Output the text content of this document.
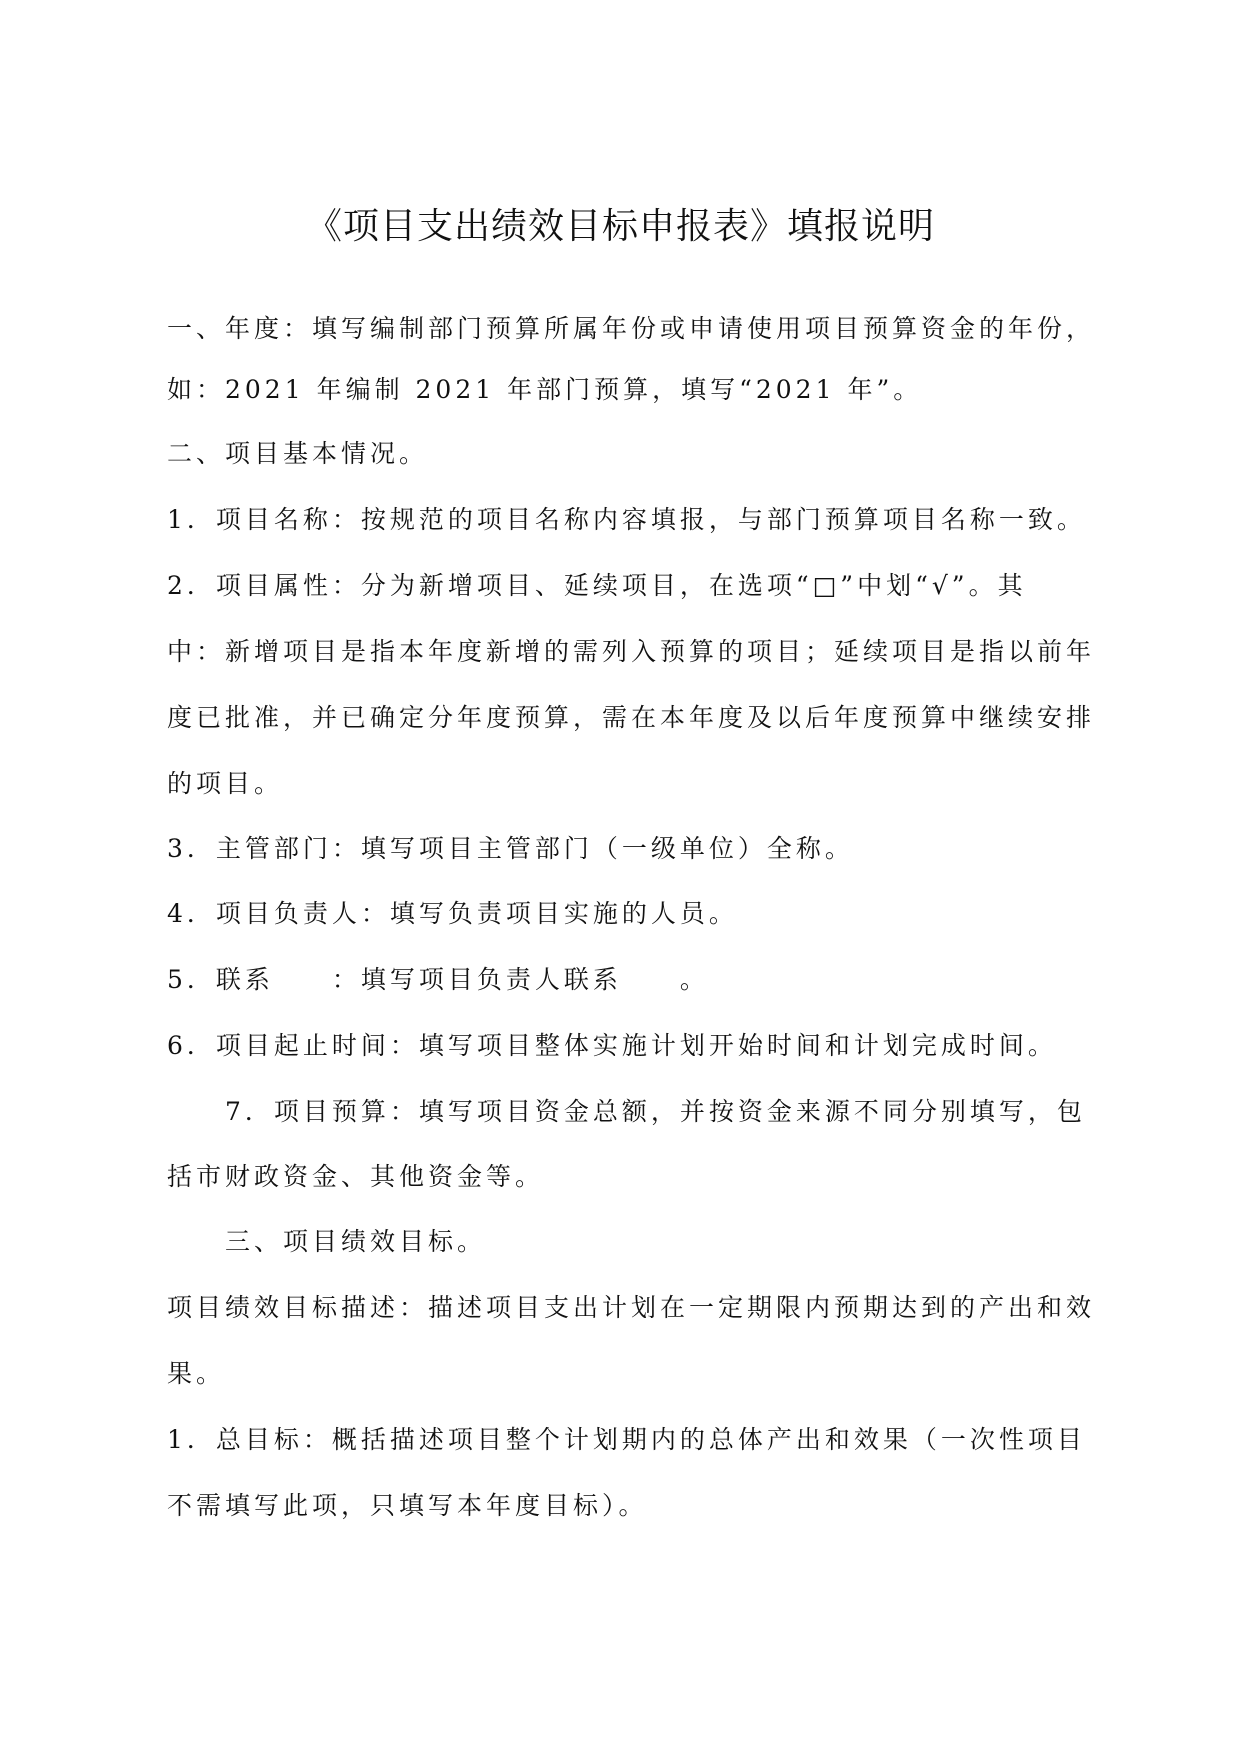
《项目支出绩效目标申报表》填报说明
一、年度：填写编制部门预算所属年份或申请使用项目预算资金的年份，
如：2021 年编制 2021 年部门预算，填写“2021 年”。
二、项目基本情况。
1．项目名称：按规范的项目名称内容填报，与部门预算项目名称一致。
2．项目属性：分为新增项目、延续项目，在选项“□”中划“√”。其
中：新增项目是指本年度新增的需列入预算的项目；延续项目是指以前年
度已批准，并已确定分年度预算，需在本年度及以后年度预算中继续安排
的项目。
3．主管部门：填写项目主管部门（一级单位）全称。
4．项目负责人：填写负责项目实施的人员。
5．联系　　：填写项目负责人联系　　。
6．项目起止时间：填写项目整体实施计划开始时间和计划完成时间。
7．项目预算：填写项目资金总额，并按资金来源不同分别填写，包
括市财政资金、其他资金等。
三、项目绩效目标。
项目绩效目标描述：描述项目支出计划在一定期限内预期达到的产出和效
果。
1．总目标：概括描述项目整个计划期内的总体产出和效果（一次性项目
不需填写此项，只填写本年度目标）。
